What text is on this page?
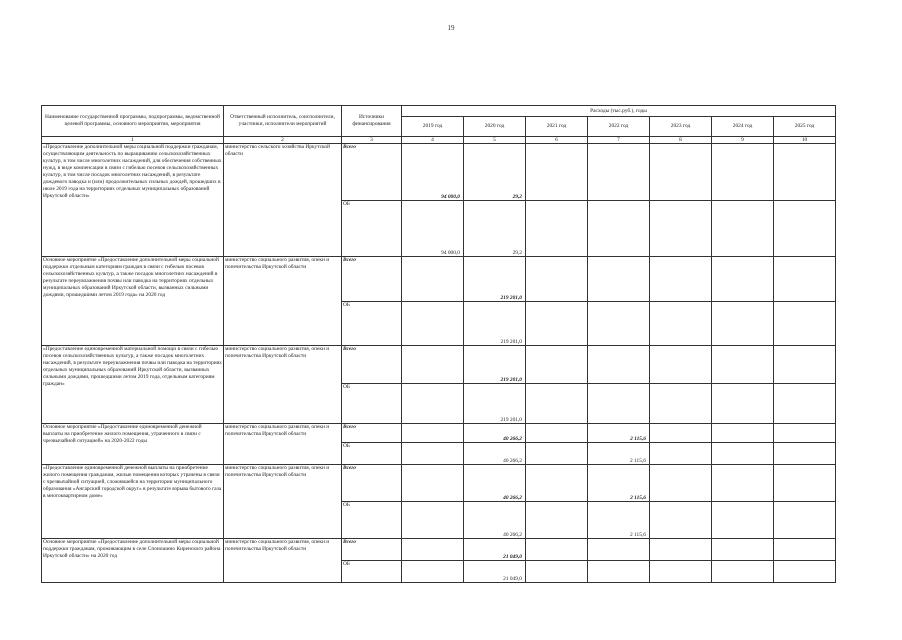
19
Наименование государственной программы, подпрограммы, ведомственной целевой программы, основного мероприятия, мероприятия	Ответственный исполнитель, соисполнители, участники, исполнители мероприятий	Источники финансирования	Расходы (тыс.руб.), годы						
			2019 год	2020 год	2021 год	2022 год	2023 год	2024 год	2025 год
1	2	3	4	5	6	7	8	9	10
«Предоставление дополнительной меры социальной поддержки гражданам, осуществляющим деятельность по выращиванию сельскохозяйственных культур, в том числе многолетних насаждений, для обеспечения собственных нужд, в виде компенсации в связи с гибелью посевов сельскохозяйственных культур, в том числе посадок многолетних насаждений, в результате дождевого паводка и (или) продолжительных сильных дождей, прошедших в июле 2019 года на территориях отдельных муниципальных образований Иркутской области»	министерство сельского хозяйства Иркутской области	Всего	94 000,0	29,2					
		ОБ	94 000,0	29,2					
Основное мероприятие «Предоставление дополнительной меры социальной поддержки отдельным категориям граждан в связи с гибелью посевов сельскохозяйственных культур, а также посадок многолетних насаждений в результате переувлажнения почвы или паводка на территориях отдельных муниципальных образований Иркутской области, вызванных сильными дождями, прошедшими летом 2019 года» на 2020 год	министерство социального развития, опеки и попечительства Иркутской области	Всего		219 201,0					
		ОБ		219 201,0					
«Предоставление единовременной материальной помощи в связи с гибелью посевов сельскохозяйственных культур, а также посадок многолетних насаждений, в результате переувлажнения почвы или паводка на территориях отдельных муниципальных образований Иркутской области, вызванных сильными дождями, прошедшими летом 2019 года, отдельным категориям граждан»	министерство социального развития, опеки и попечительства Иркутской области	Всего		219 201,0					
		ОБ		219 201,0					
Основное мероприятие «Предоставление единовременной денежной выплаты на приобретение жилого помещения, утраченного в связи с чрезвычайной ситуацией» на 2020-2022 годы	министерство социального развития, опеки и попечительства Иркутской области	Всего		40 266,2		2 115,6			
		ОБ		40 266,2		2 115,6			
«Предоставление единовременной денежной выплаты на приобретение жилого помещения гражданам, жилые помещения которых утрачены в связи с чрезвычайной ситуацией, сложившейся на территории муниципального образования «Ангарский городской округ» в результате взрыва бытового газа в многоквартирном доме»	министерство социального развития, опеки и попечительства Иркутской области	Всего		40 266,2		2 115,6			
		ОБ		40 266,2		2 115,6			
Основное мероприятие «Предоставление дополнительной меры социальной поддержки гражданам, проживающим в селе Споношино Киренского района Иркутской области» на 2020 год	министерство социального развития, опеки и попечительства Иркутской области	Всего		21 049,0					
		ОБ		21 049,0					
